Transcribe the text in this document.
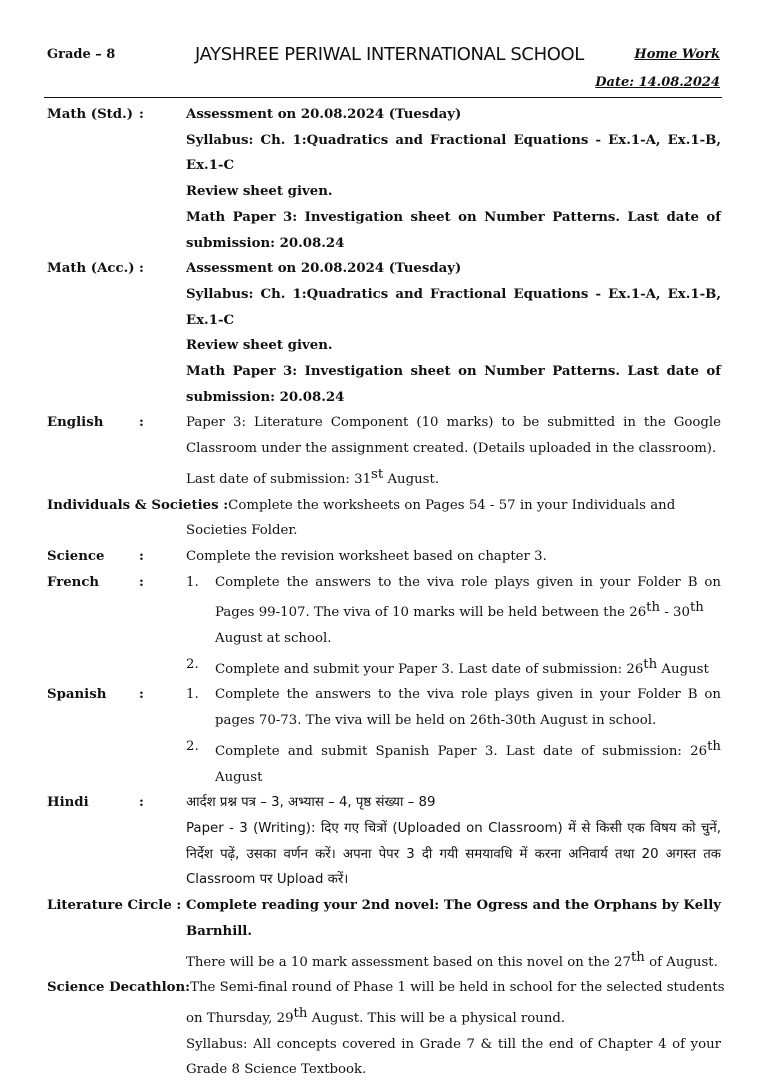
Grade – 8	JAYSHREE PERIWAL INTERNATIONAL SCHOOL	Home Work
Date: 14.08.2024
Math (Std.) :	Assessment on 20.08.2024 (Tuesday)
Syllabus: Ch. 1:Quadratics and Fractional Equations - Ex.1-A, Ex.1-B, Ex.1-C
Review sheet given.
Math Paper 3: Investigation sheet on Number Patterns. Last date of submission: 20.08.24
Math (Acc.) :	Assessment on 20.08.2024 (Tuesday)
Syllabus: Ch. 1:Quadratics and Fractional Equations - Ex.1-A, Ex.1-B, Ex.1-C
Review sheet given.
Math Paper 3: Investigation sheet on Number Patterns. Last date of submission: 20.08.24
English	:	Paper 3: Literature Component (10 marks) to be submitted in the Google Classroom under the assignment created. (Details uploaded in the classroom).
Last date of submission: 31st August.
Individuals & Societies : Complete the worksheets on Pages 54 - 57 in your Individuals and
Societies Folder.
Science	:	Complete the revision worksheet based on chapter 3.
French	:	1.	Complete the answers to the viva role plays given in your Folder B on Pages 99-107. The viva of 10 marks will be held between the 26th - 30th
August at school.
2.	Complete and submit your Paper 3. Last date of submission: 26th August
Spanish	:	1.	Complete the answers to the viva role plays given in your Folder B on pages 70-73. The viva will be held on 26th-30th August in school.
2.	Complete and submit Spanish Paper 3. Last date of submission: 26th August
Hindi	:	आर्दश प्रश्न पत्र – 3, अभ्यास – 4, पृष्ठ संख्या – 89
Paper - 3 (Writing): दिए गए चित्रों (Uploaded on Classroom) में से किसी एक विषय को चुनें, निर्देश पढ़ें, उसका वर्णन करें। अपना पेपर 3 दी गयी समयावधि में करना अनिवार्य तथा 20 अगस्त तक Classroom पर Upload करें।
Literature Circle : Complete reading your 2nd novel: The Ogress and the Orphans by Kelly Barnhill.
There will be a 10 mark assessment based on this novel on the 27th of August.
Science Decathlon: The Semi-final round of Phase 1 will be held in school for the selected students
on Thursday, 29th August. This will be a physical round.
Syllabus: All concepts covered in Grade 7 & till the end of Chapter 4 of your Grade 8 Science Textbook.
